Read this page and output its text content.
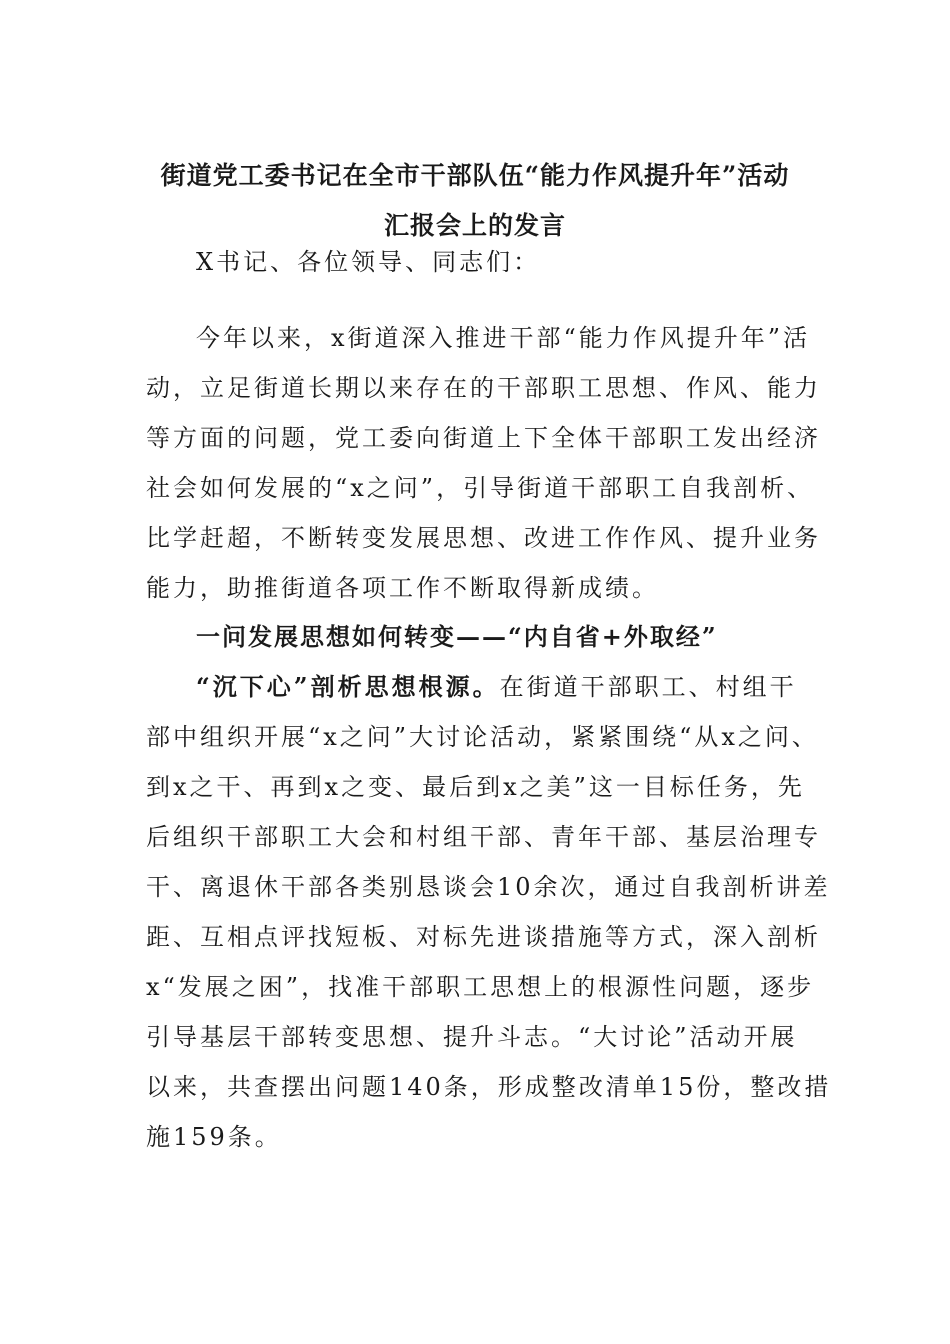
街道党工委书记在全市干部队伍“能力作风提升年”活动
汇报会上的发言
X书记、各位领导、同志们：
今年以来，x街道深入推进干部“能力作风提升年”活
动，立足街道长期以来存在的干部职工思想、作风、能力
等方面的问题，党工委向街道上下全体干部职工发出经济
社会如何发展的“x之问”，引导街道干部职工自我剖析、
比学赶超，不断转变发展思想、改进工作作风、提升业务
能力，助推街道各项工作不断取得新成绩。
一问发展思想如何转变——“内自省+外取经”
“沉下心”剖析思想根源。在街道干部职工、村组干
部中组织开展“x之问”大讨论活动，紧紧围绕“从x之问、
到x之干、再到x之变、最后到x之美”这一目标任务，先
后组织干部职工大会和村组干部、青年干部、基层治理专
干、离退休干部各类别恳谈会10余次，通过自我剖析讲差
距、互相点评找短板、对标先进谈措施等方式，深入剖析
x“发展之困”，找准干部职工思想上的根源性问题，逐步
引导基层干部转变思想、提升斗志。“大讨论”活动开展
以来，共查摆出问题140条，形成整改清单15份，整改措
施159条。
